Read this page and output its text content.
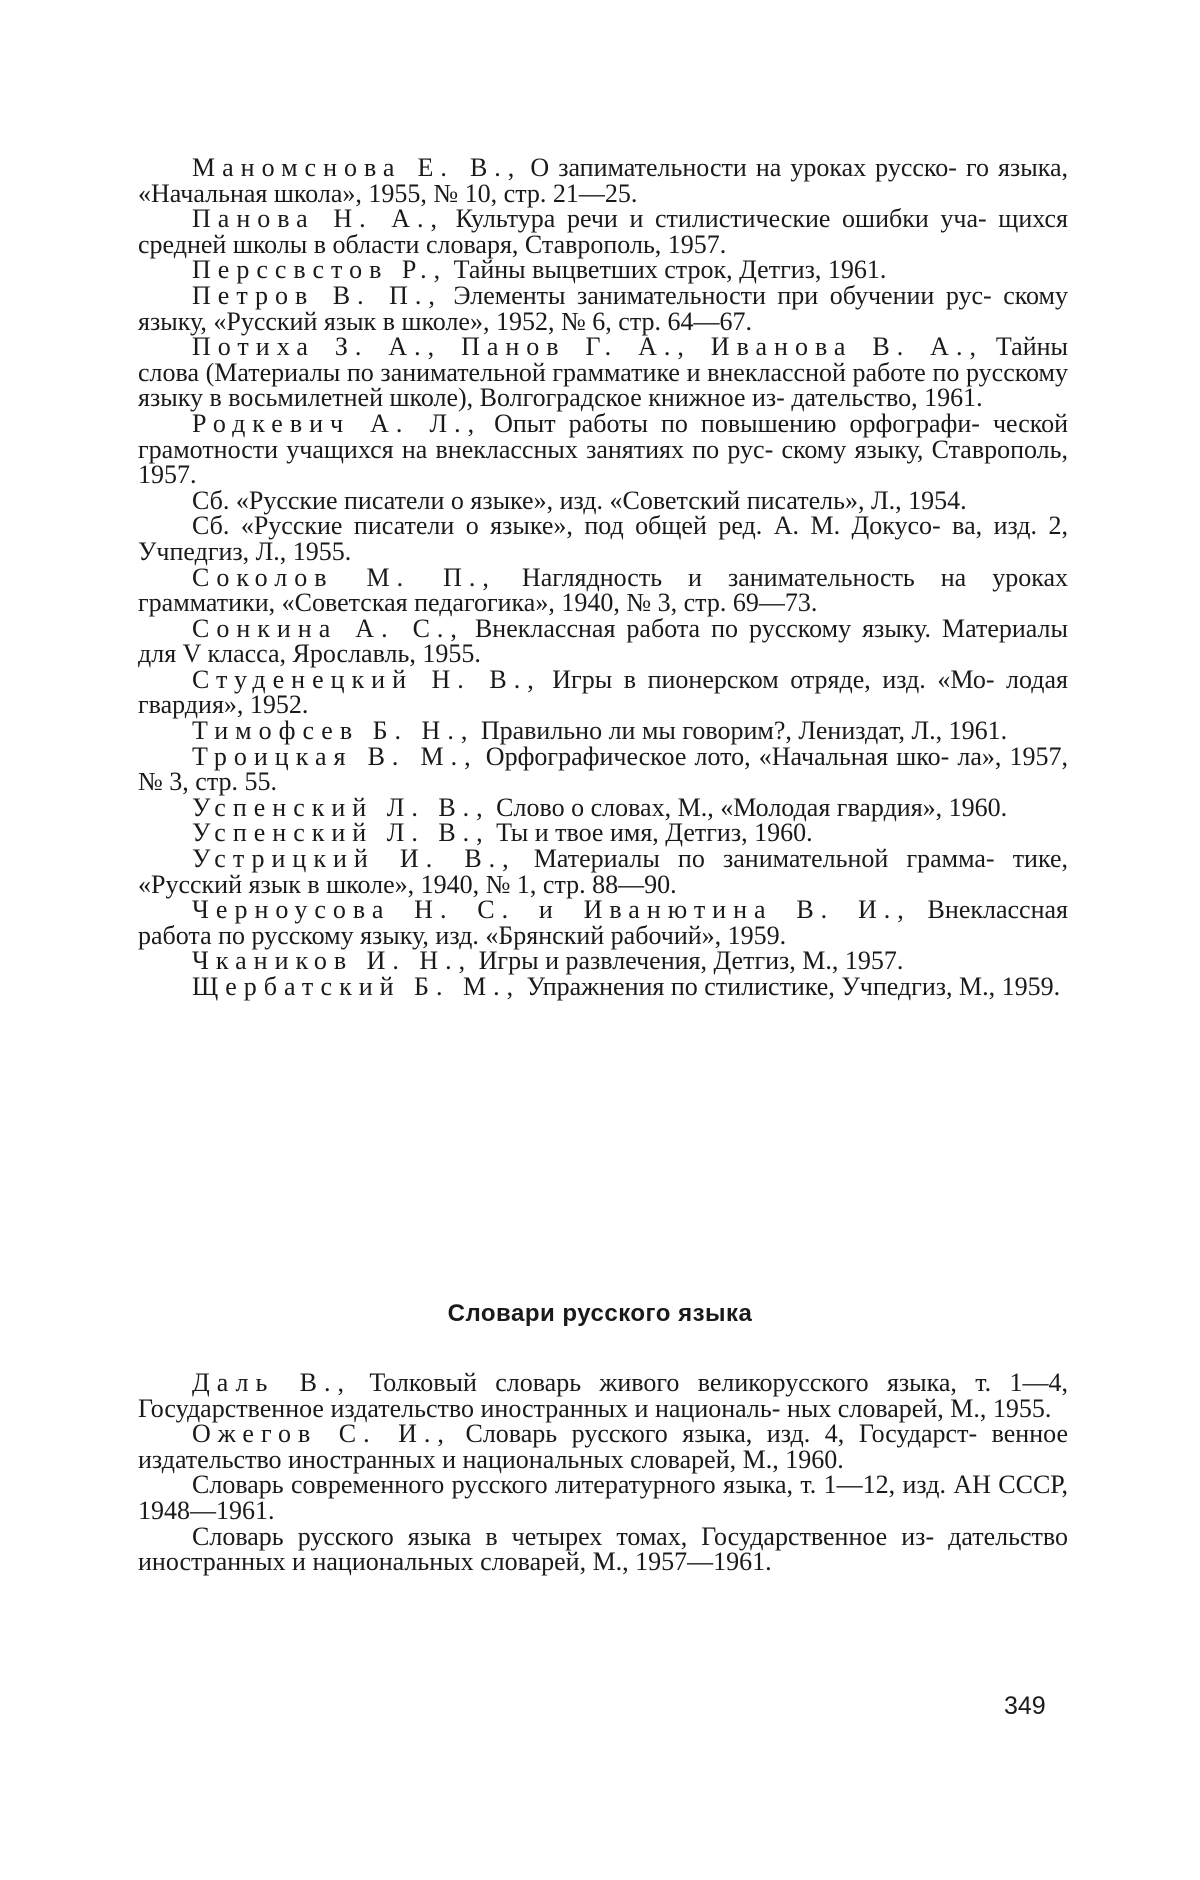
Маномснова Е. В., О запимательности на уроках русско- го языка, «Начальная школа», 1955, № 10, стр. 21—25.

Панова Н. А., Культура речи и стилистические ошибки уча- щихся средней школы в области словаря, Ставрополь, 1957.

Перссвстов Р., Тайны выцветших строк, Детгиз, 1961.

Петров В. П., Элементы занимательности при обучении рус- скому языку, «Русский язык в школе», 1952, № 6, стр. 64—67.

Потиха З. А., Панов Г. А., Иванова В. А., Тайны слова (Материалы по занимательной грамматике и внеклассной работе по русскому языку в восьмилетней школе), Волгоградское книжное из- дательство, 1961.

Родкевич А. Л., Опыт работы по повышению орфографи- ческой грамотности учащихся на внеклассных занятиях по рус- скому языку, Ставрополь, 1957.

Сб. «Русские писатели о языке», изд. «Советский писатель», Л., 1954.

Сб. «Русские писатели о языке», под общей ред. А. М. Докусо- ва, изд. 2, Учпедгиз, Л., 1955.

Соколов М. П., Наглядность и занимательность на уроках грамматики, «Советская педагогика», 1940, № 3, стр. 69—73.

Сонкина А. С., Внеклассная работа по русскому языку. Материалы для V класса, Ярославль, 1955.

Студенецкий Н. В., Игры в пионерском отряде, изд. «Мо- лодая гвардия», 1952.

Тимофсев Б. Н., Правильно ли мы говорим?, Лениздат, Л., 1961.

Троицкая В. М., Орфографическое лото, «Начальная шко- ла», 1957, № 3, стр. 55.

Успенский Л. В., Слово о словах, М., «Молодая гвардия», 1960.

Успенский Л. В., Ты и твое имя, Детгиз, 1960.

Устрицкий И. В., Материалы по занимательной грамма- тике, «Русский язык в школе», 1940, № 1, стр. 88—90.

Черноусова Н. С. и Иванютина В. И., Внеклассная работа по русскому языку, изд. «Брянский рабочий», 1959.

Чкаников И. Н., Игры и развлечения, Детгиз, М., 1957.

Щербатский Б. М., Упражнения по стилистике, Учпедгиз, М., 1959.

Словари русского языка

Даль В., Толковый словарь живого великорусского языка, т. 1—4, Государственное издательство иностранных и националь- ных словарей, М., 1955.

Ожегов С. И., Словарь русского языка, изд. 4, Государст- венное издательство иностранных и национальных словарей, М., 1960.

Словарь современного русского литературного языка, т. 1—12, изд. АН СССР, 1948—1961.

Словарь русского языка в четырех томах, Государственное из- дательство иностранных и национальных словарей, М., 1957—1961.

349
